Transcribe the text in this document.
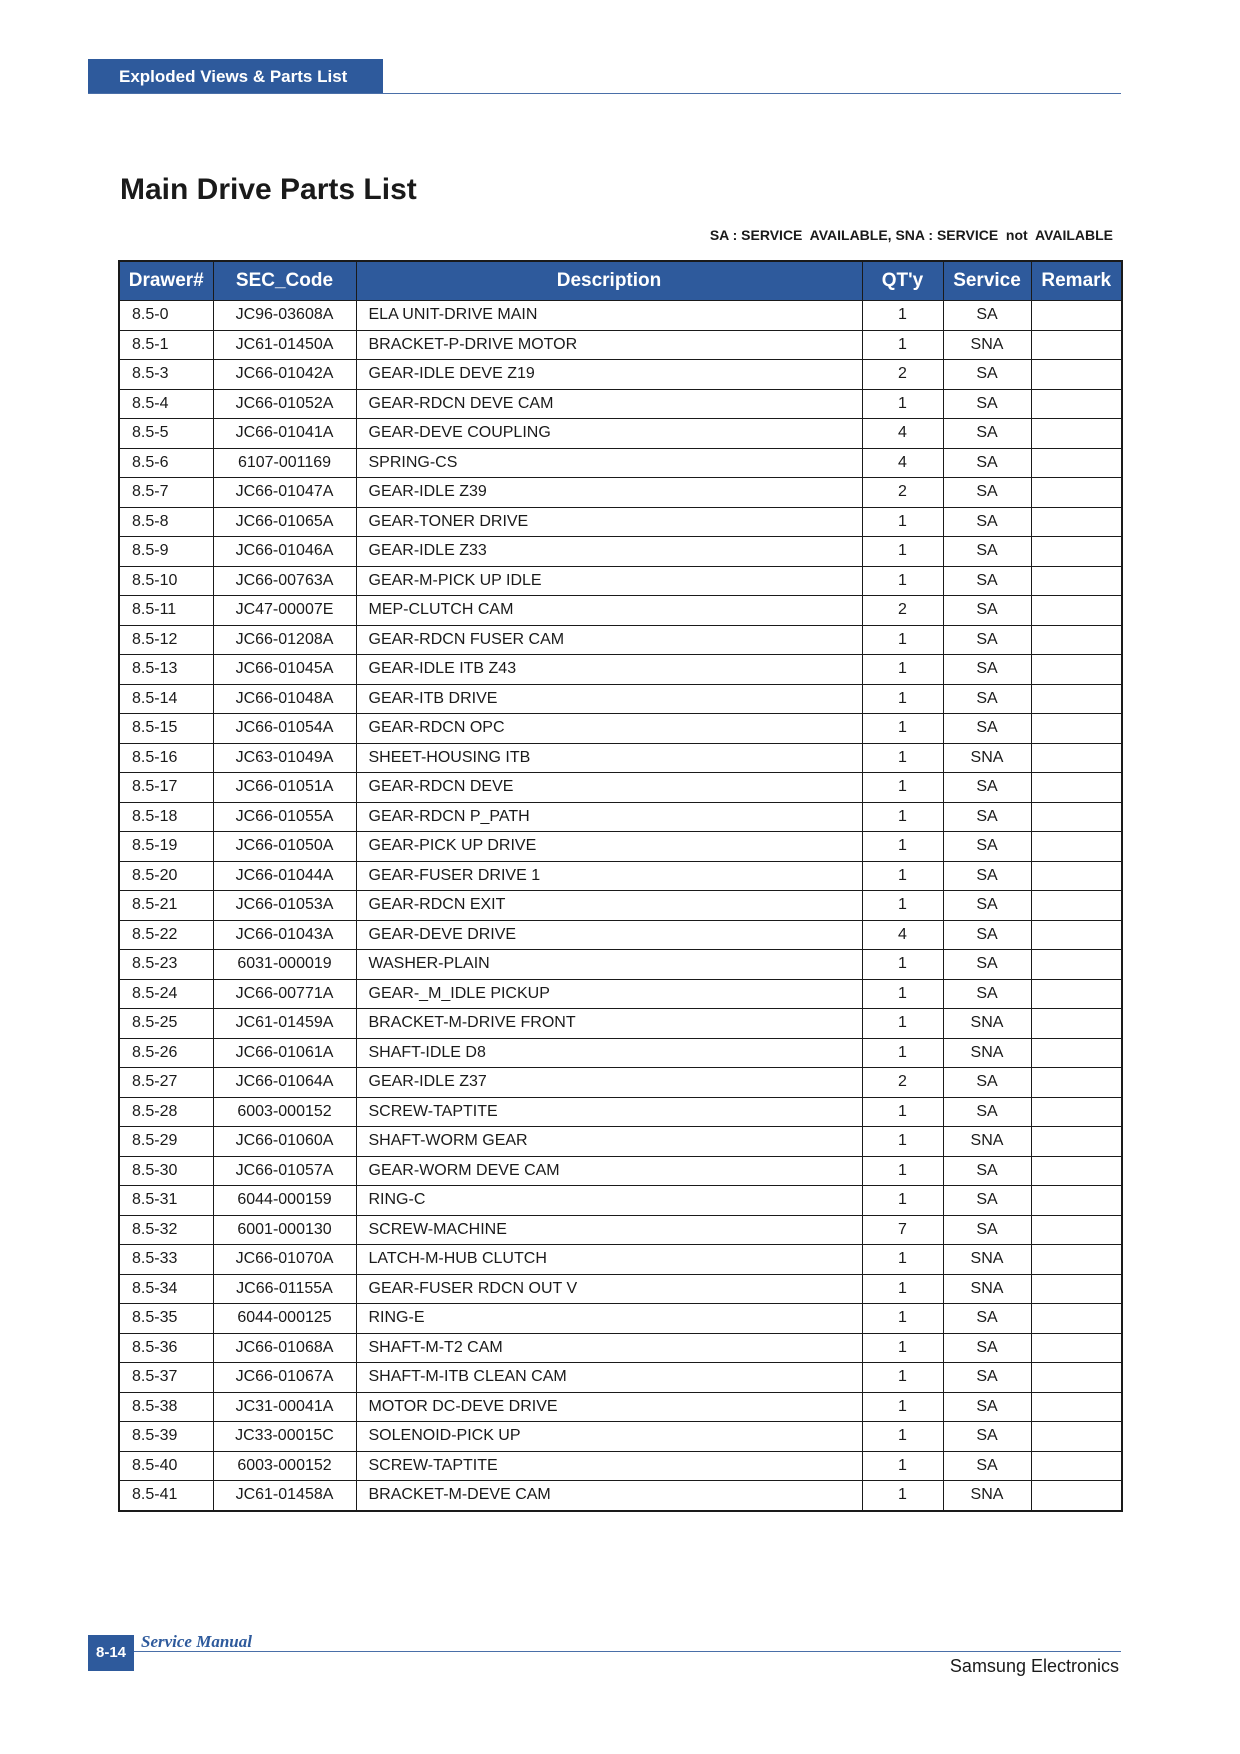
Exploded Views & Parts List
Main Drive Parts List
SA : SERVICE  AVAILABLE, SNA : SERVICE  not  AVAILABLE
Drawer#	SEC_Code	Description	QT'y	Service	Remark
8.5-0	JC96-03608A	ELA UNIT-DRIVE MAIN	1	SA	
8.5-1	JC61-01450A	BRACKET-P-DRIVE MOTOR	1	SNA	
8.5-3	JC66-01042A	GEAR-IDLE DEVE Z19	2	SA	
8.5-4	JC66-01052A	GEAR-RDCN DEVE CAM	1	SA	
8.5-5	JC66-01041A	GEAR-DEVE COUPLING	4	SA	
8.5-6	6107-001169	SPRING-CS	4	SA	
8.5-7	JC66-01047A	GEAR-IDLE Z39	2	SA	
8.5-8	JC66-01065A	GEAR-TONER DRIVE	1	SA	
8.5-9	JC66-01046A	GEAR-IDLE Z33	1	SA	
8.5-10	JC66-00763A	GEAR-M-PICK UP IDLE	1	SA	
8.5-11	JC47-00007E	MEP-CLUTCH CAM	2	SA	
8.5-12	JC66-01208A	GEAR-RDCN FUSER CAM	1	SA	
8.5-13	JC66-01045A	GEAR-IDLE ITB Z43	1	SA	
8.5-14	JC66-01048A	GEAR-ITB DRIVE	1	SA	
8.5-15	JC66-01054A	GEAR-RDCN OPC	1	SA	
8.5-16	JC63-01049A	SHEET-HOUSING ITB	1	SNA	
8.5-17	JC66-01051A	GEAR-RDCN DEVE	1	SA	
8.5-18	JC66-01055A	GEAR-RDCN P_PATH	1	SA	
8.5-19	JC66-01050A	GEAR-PICK UP DRIVE	1	SA	
8.5-20	JC66-01044A	GEAR-FUSER DRIVE 1	1	SA	
8.5-21	JC66-01053A	GEAR-RDCN EXIT	1	SA	
8.5-22	JC66-01043A	GEAR-DEVE DRIVE	4	SA	
8.5-23	6031-000019	WASHER-PLAIN	1	SA	
8.5-24	JC66-00771A	GEAR-_M_IDLE PICKUP	1	SA	
8.5-25	JC61-01459A	BRACKET-M-DRIVE FRONT	1	SNA	
8.5-26	JC66-01061A	SHAFT-IDLE D8	1	SNA	
8.5-27	JC66-01064A	GEAR-IDLE Z37	2	SA	
8.5-28	6003-000152	SCREW-TAPTITE	1	SA	
8.5-29	JC66-01060A	SHAFT-WORM GEAR	1	SNA	
8.5-30	JC66-01057A	GEAR-WORM DEVE CAM	1	SA	
8.5-31	6044-000159	RING-C	1	SA	
8.5-32	6001-000130	SCREW-MACHINE	7	SA	
8.5-33	JC66-01070A	LATCH-M-HUB CLUTCH	1	SNA	
8.5-34	JC66-01155A	GEAR-FUSER RDCN OUT V	1	SNA	
8.5-35	6044-000125	RING-E	1	SA	
8.5-36	JC66-01068A	SHAFT-M-T2 CAM	1	SA	
8.5-37	JC66-01067A	SHAFT-M-ITB CLEAN CAM	1	SA	
8.5-38	JC31-00041A	MOTOR DC-DEVE DRIVE	1	SA	
8.5-39	JC33-00015C	SOLENOID-PICK UP	1	SA	
8.5-40	6003-000152	SCREW-TAPTITE	1	SA	
8.5-41	JC61-01458A	BRACKET-M-DEVE CAM	1	SNA	
8-14
Service Manual
Samsung Electronics
